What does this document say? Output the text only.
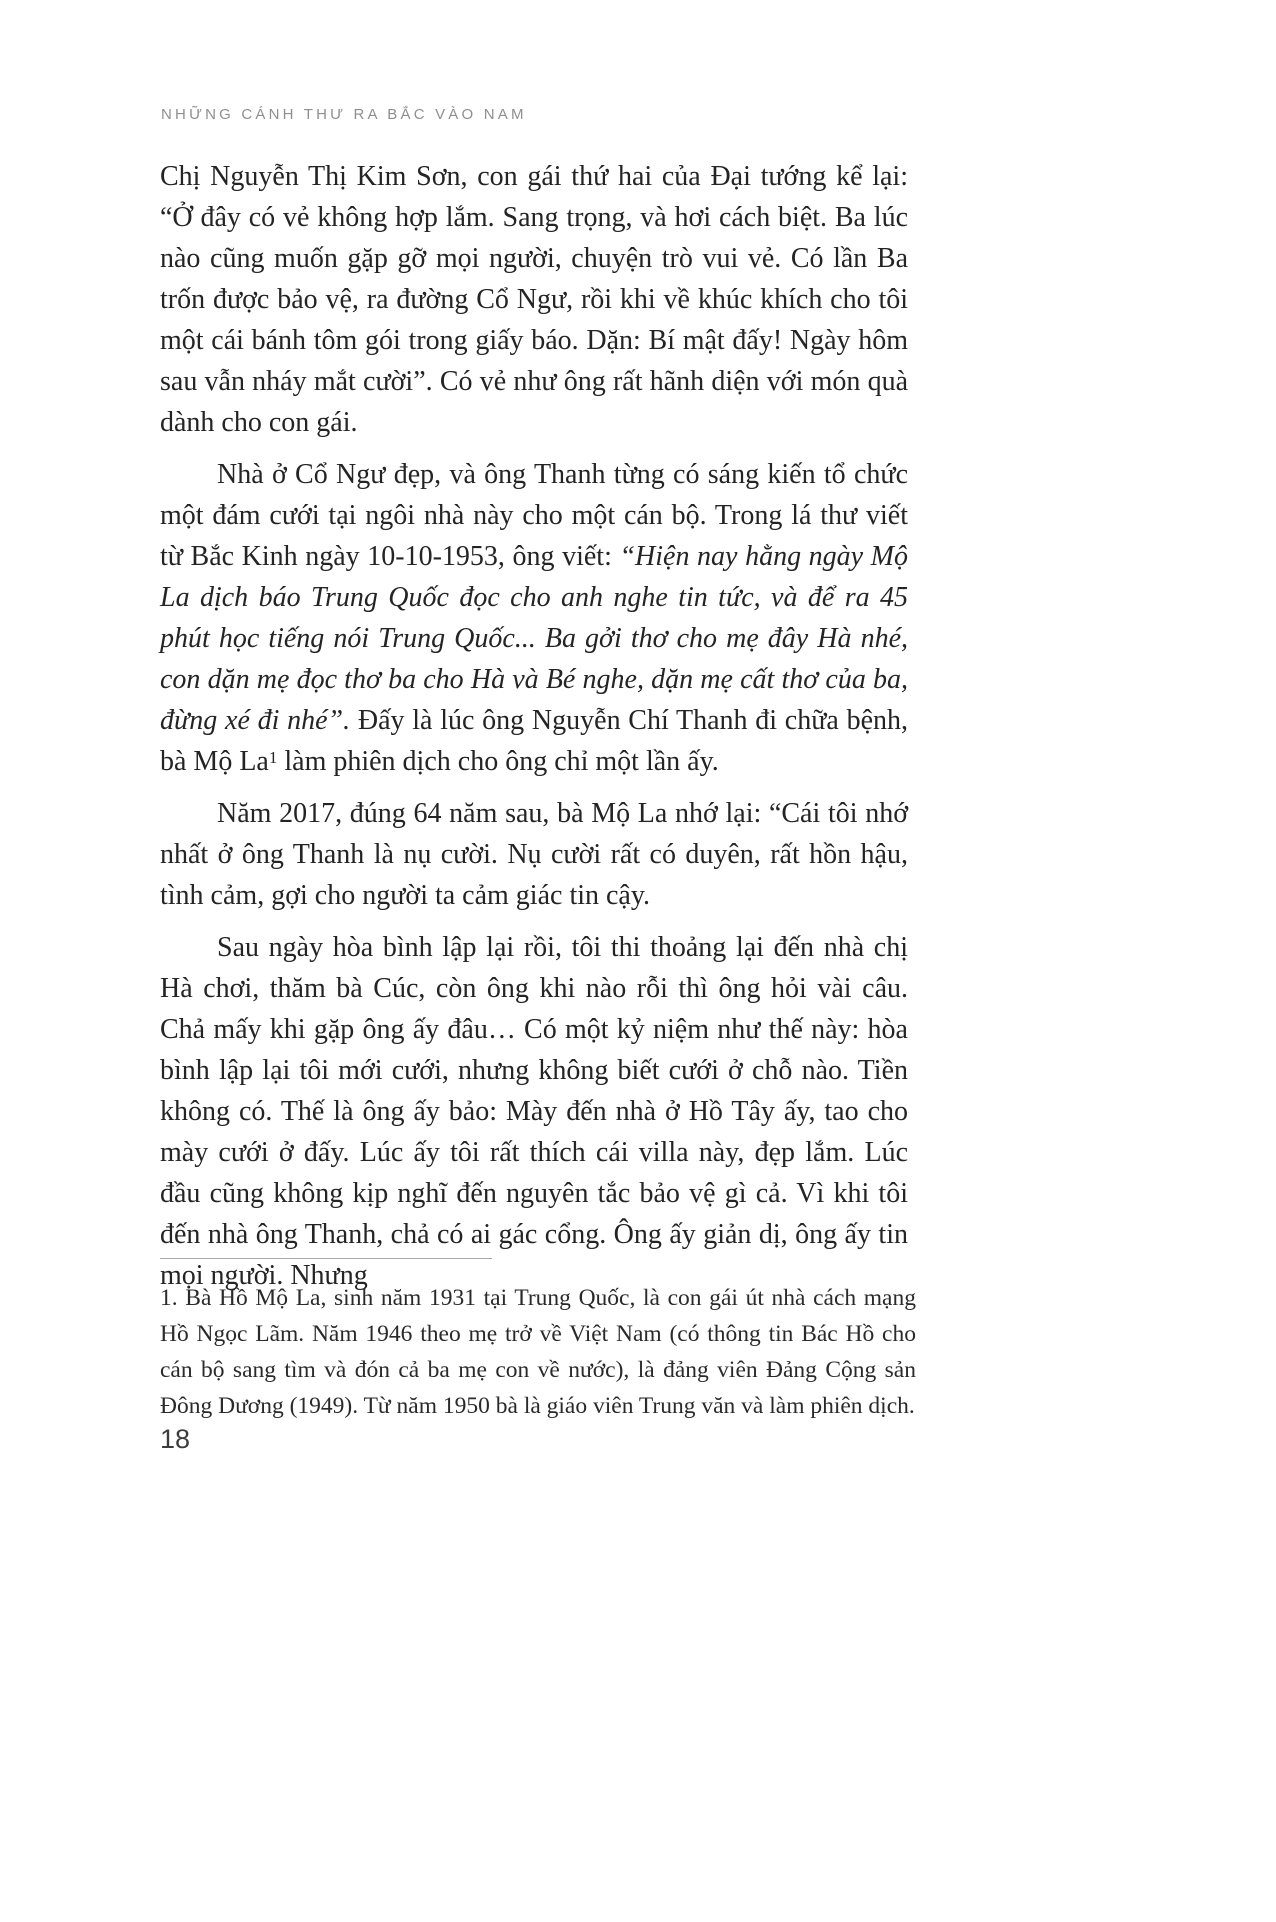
NHỮNG CÁNH THƯ RA BẮC VÀO NAM

Chị Nguyễn Thị Kim Sơn, con gái thứ hai của Đại tướng kể lại: “Ở đây có vẻ không hợp lắm. Sang trọng, và hơi cách biệt. Ba lúc nào cũng muốn gặp gỡ mọi người, chuyện trò vui vẻ. Có lần Ba trốn được bảo vệ, ra đường Cổ Ngư, rồi khi về khúc khích cho tôi một cái bánh tôm gói trong giấy báo. Dặn: Bí mật đấy! Ngày hôm sau vẫn nháy mắt cười”. Có vẻ như ông rất hãnh diện với món quà dành cho con gái.

Nhà ở Cổ Ngư đẹp, và ông Thanh từng có sáng kiến tổ chức một đám cưới tại ngôi nhà này cho một cán bộ. Trong lá thư viết từ Bắc Kinh ngày 10-10-1953, ông viết: “Hiện nay hằng ngày Mộ La dịch báo Trung Quốc đọc cho anh nghe tin tức, và để ra 45 phút học tiếng nói Trung Quốc... Ba gởi thơ cho mẹ đây Hà nhé, con dặn mẹ đọc thơ ba cho Hà và Bé nghe, dặn mẹ cất thơ của ba, đừng xé đi nhé”. Đấy là lúc ông Nguyễn Chí Thanh đi chữa bệnh, bà Mộ La$^1$ làm phiên dịch cho ông chỉ một lần ấy.

Năm 2017, đúng 64 năm sau, bà Mộ La nhớ lại: “Cái tôi nhớ nhất ở ông Thanh là nụ cười. Nụ cười rất có duyên, rất hồn hậu, tình cảm, gợi cho người ta cảm giác tin cậy.

Sau ngày hòa bình lập lại rồi, tôi thi thoảng lại đến nhà chị Hà chơi, thăm bà Cúc, còn ông khi nào rỗi thì ông hỏi vài câu. Chả mấy khi gặp ông ấy đâu… Có một kỷ niệm như thế này: hòa bình lập lại tôi mới cưới, nhưng không biết cưới ở chỗ nào. Tiền không có. Thế là ông ấy bảo: Mày đến nhà ở Hồ Tây ấy, tao cho mày cưới ở đấy. Lúc ấy tôi rất thích cái villa này, đẹp lắm. Lúc đầu cũng không kịp nghĩ đến nguyên tắc bảo vệ gì cả. Vì khi tôi đến nhà ông Thanh, chả có ai gác cổng. Ông ấy giản dị, ông ấy tin mọi người. Nhưng

1. Bà Hồ Mộ La, sinh năm 1931 tại Trung Quốc, là con gái út nhà cách mạng Hồ Ngọc Lãm. Năm 1946 theo mẹ trở về Việt Nam (có thông tin Bác Hồ cho cán bộ sang tìm và đón cả ba mẹ con về nước), là đảng viên Đảng Cộng sản Đông Dương (1949). Từ năm 1950 bà là giáo viên Trung văn và làm phiên dịch.
18
